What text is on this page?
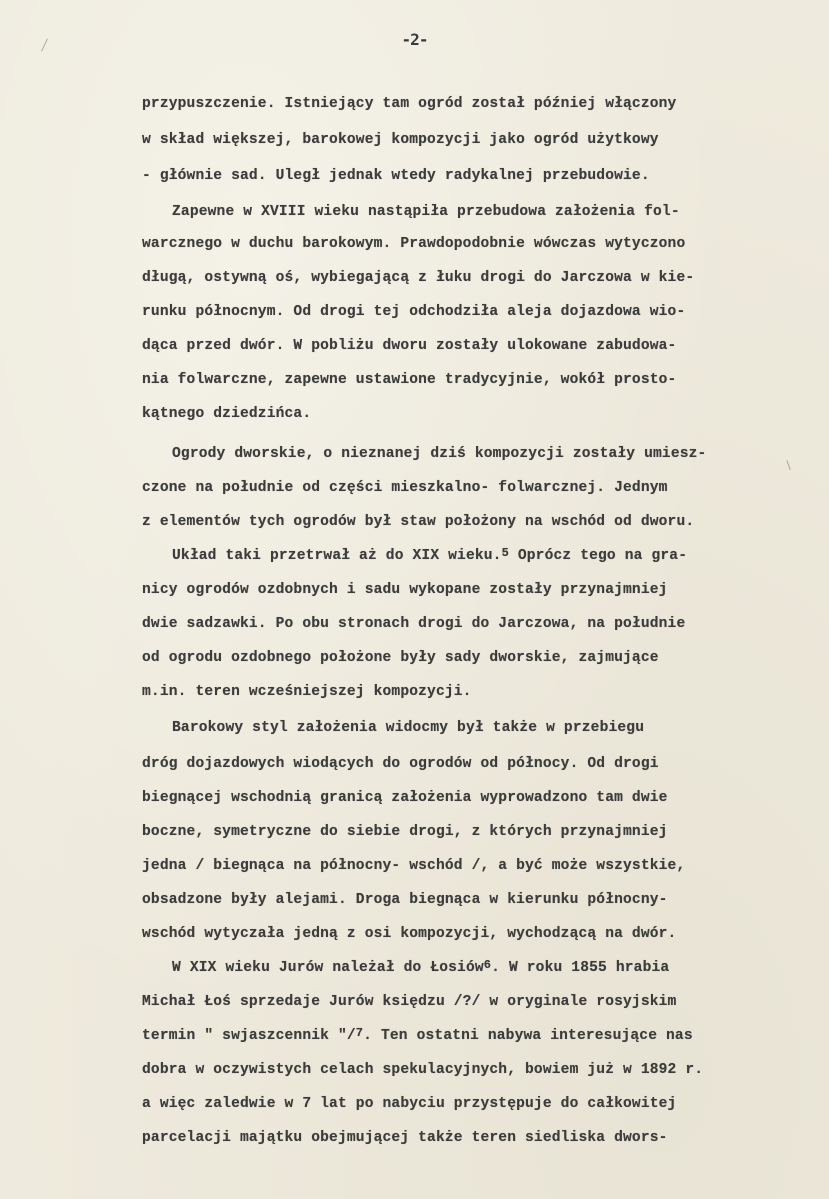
-2-
przypuszczenie. Istniejący tam ogród został później włączony
w skład większej, barokowej kompozycji jako ogród użytkowy
- głównie sad. Uległ jednak wtedy radykalnej przebudowie.
Zapewne w XVIII wieku nastąpiła przebudowa założenia fol-
warcznego w duchu barokowym. Prawdopodobnie wówczas wytyczono
długą, ostywną oś, wybiegającą z łuku drogi do Jarczowa w kie-
runku północnym. Od drogi tej odchodziła aleja dojazdowa wio-
dąca przed dwór. W pobliżu dworu zostały ulokowane zabudowa-
nia folwarczne, zapewne ustawione tradycyjnie, wokół prosto-
kątnego dziedzińca.
Ogrody dworskie, o nieznanej dziś kompozycji zostały umiesz-
czone na południe od części mieszkalno- folwarcznej. Jednym
z elementów tych ogrodów był staw położony na wschód od dworu.
Układ taki przetrwał aż do XIX wieku.$^5$ Oprócz tego na gra-
nicy ogrodów ozdobnych i sadu wykopane zostały przynajmniej
dwie sadzawki. Po obu stronach drogi do Jarczowa, na południe
od ogrodu ozdobnego położone były sady dworskie, zajmujące
m.in. teren wcześniejszej kompozycji.
Barokowy styl założenia widocmy był także w przebiegu
dróg dojazdowych wiodących do ogrodów od północy. Od drogi
biegnącej wschodnią granicą założenia wyprowadzono tam dwie
boczne, symetryczne do siebie drogi, z których przynajmniej
jedna / biegnąca na północny- wschód /, a być może wszystkie,
obsadzone były alejami. Droga biegnąca w kierunku północny-
wschód wytyczała jedną z osi kompozycji, wychodzącą na dwór.
W XIX wieku Jurów należał do Łosiów$^6$. W roku 1855 hrabia
Michał Łoś sprzedaje Jurów księdzu /?/ w oryginale rosyjskim
termin " swjaszcennik "/$^7$. Ten ostatni nabywa interesujące nas
dobra w oczywistych celach spekulacyjnych, bowiem już w 1892 r.
a więc zaledwie w 7 lat po nabyciu przystępuje do całkowitej
parcelacji majątku obejmującej także teren siedliska dwors-
